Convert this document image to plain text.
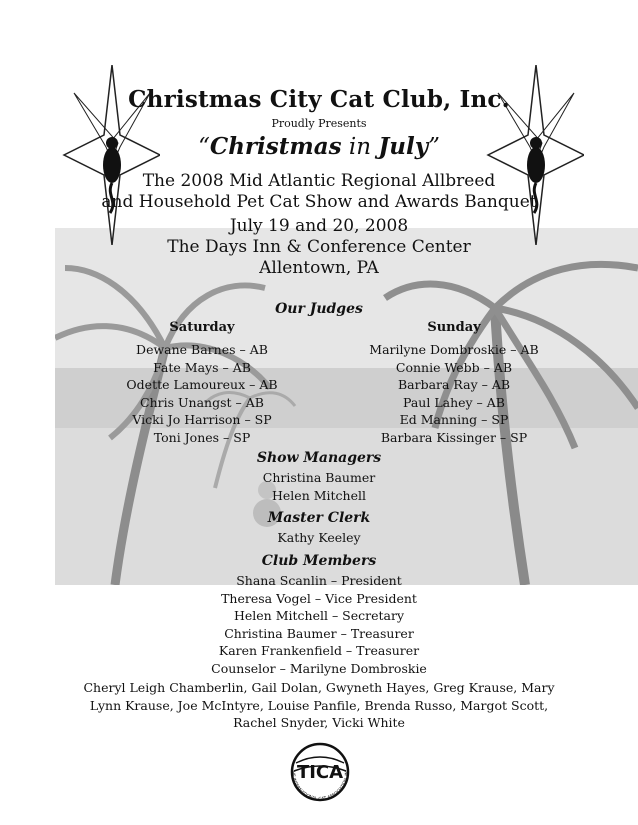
Christmas City Cat Club, Inc.
Proudly Presents
“Christmas in July”
The 2008 Mid Atlantic Regional Allbreed
and Household Pet Cat Show and Awards Banquet
July 19 and 20, 2008
The Days Inn & Conference Center
Allentown, PA
Our Judges
Saturday	Sunday
Dewane Barnes – AB
Fate Mays – AB
Odette Lamoureux – AB
Chris Unangst – AB
Vicki Jo Harrison – SP
Toni Jones – SP
Marilyne Dombroskie – AB
Connie Webb – AB
Barbara Ray – AB
Paul Lahey – AB
Ed Manning – SP
Barbara Kissinger – SP
Show Managers
Christina Baumer
Helen Mitchell
Master Clerk
Kathy Keeley
Club Members
Shana Scanlin – President
Theresa Vogel – Vice President
Helen Mitchell – Secretary
Christina Baumer – Treasurer
Karen Frankenfield – Treasurer
Counselor – Marilyne Dombroskie
Cheryl Leigh Chamberlin, Gail Dolan, Gwyneth Hayes, Greg Krause, Mary Lynn Krause, Joe McIntyre, Louise Panfile, Brenda Russo, Margot Scott, Rachel Snyder, Vicki White
TICA
HE INTERNATIONAL CAT ASSOCIATION, IN
